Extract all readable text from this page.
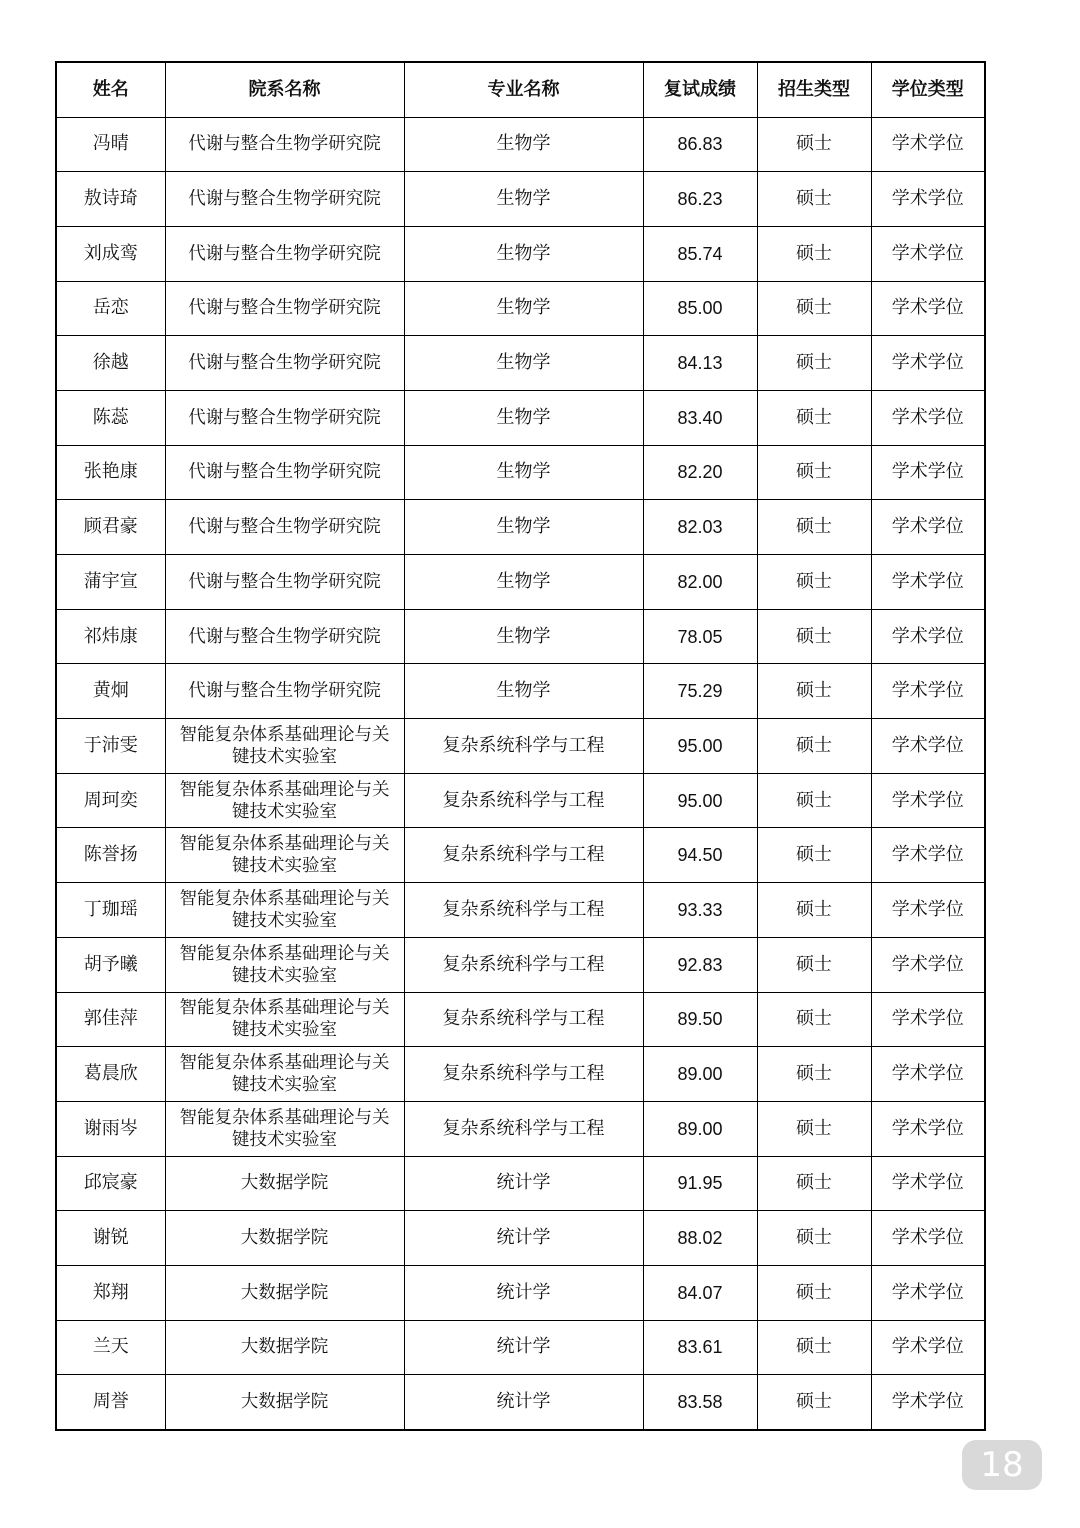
姓名	院系名称	专业名称	复试成绩	招生类型	学位类型
冯晴	代谢与整合生物学研究院	生物学	86.83	硕士	学术学位
敖诗琦	代谢与整合生物学研究院	生物学	86.23	硕士	学术学位
刘成鸾	代谢与整合生物学研究院	生物学	85.74	硕士	学术学位
岳恋	代谢与整合生物学研究院	生物学	85.00	硕士	学术学位
徐越	代谢与整合生物学研究院	生物学	84.13	硕士	学术学位
陈蕊	代谢与整合生物学研究院	生物学	83.40	硕士	学术学位
张艳康	代谢与整合生物学研究院	生物学	82.20	硕士	学术学位
顾君豪	代谢与整合生物学研究院	生物学	82.03	硕士	学术学位
蒲宇宣	代谢与整合生物学研究院	生物学	82.00	硕士	学术学位
祁炜康	代谢与整合生物学研究院	生物学	78.05	硕士	学术学位
黄炯	代谢与整合生物学研究院	生物学	75.29	硕士	学术学位
于沛雯	智能复杂体系基础理论与关键技术实验室	复杂系统科学与工程	95.00	硕士	学术学位
周珂奕	智能复杂体系基础理论与关键技术实验室	复杂系统科学与工程	95.00	硕士	学术学位
陈誉扬	智能复杂体系基础理论与关键技术实验室	复杂系统科学与工程	94.50	硕士	学术学位
丁珈瑶	智能复杂体系基础理论与关键技术实验室	复杂系统科学与工程	93.33	硕士	学术学位
胡予曦	智能复杂体系基础理论与关键技术实验室	复杂系统科学与工程	92.83	硕士	学术学位
郭佳萍	智能复杂体系基础理论与关键技术实验室	复杂系统科学与工程	89.50	硕士	学术学位
葛晨欣	智能复杂体系基础理论与关键技术实验室	复杂系统科学与工程	89.00	硕士	学术学位
谢雨岑	智能复杂体系基础理论与关键技术实验室	复杂系统科学与工程	89.00	硕士	学术学位
邱宸豪	大数据学院	统计学	91.95	硕士	学术学位
谢锐	大数据学院	统计学	88.02	硕士	学术学位
郑翔	大数据学院	统计学	84.07	硕士	学术学位
兰天	大数据学院	统计学	83.61	硕士	学术学位
周誉	大数据学院	统计学	83.58	硕士	学术学位
18
